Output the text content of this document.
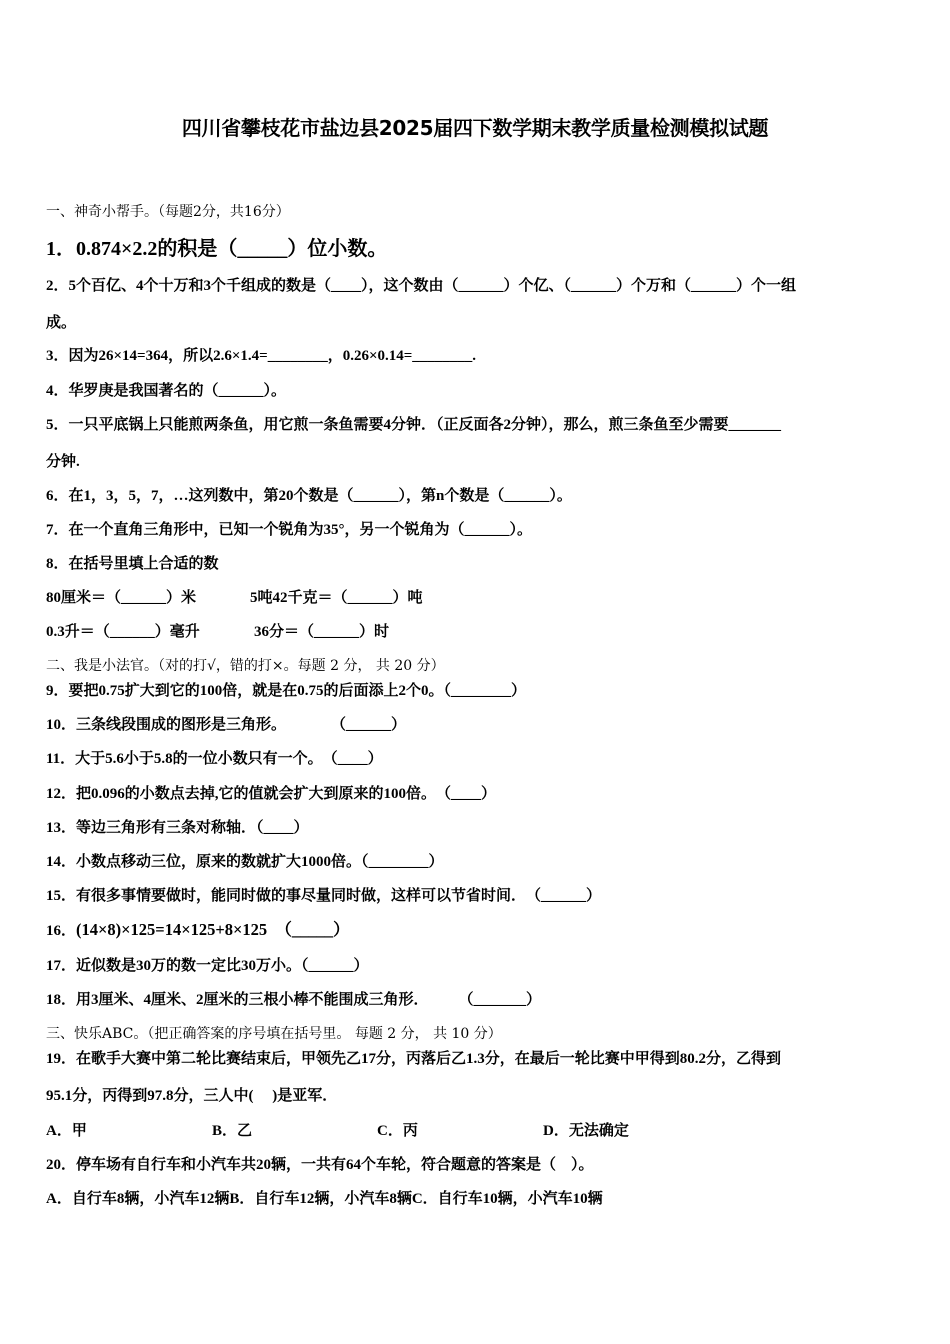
四川省攀枝花市盐边县2025届四下数学期末教学质量检测模拟试题
一、神奇小帮手。（每题2分，共16分）
1．0.874×2.2的积是（_____）位小数。
2．5个百亿、4个十万和3个千组成的数是（____），这个数由（______）个亿、（______）个万和（______）个一组
成。
3．因为26×14=364，所以2.6×1.4=________，0.26×0.14=________.
4．华罗庚是我国著名的（______）。
5．一只平底锅上只能煎两条鱼，用它煎一条鱼需要4分钟．（正反面各2分钟），那么，煎三条鱼至少需要_______
分钟.
6．在1，3，5，7，…这列数中，第20个数是（______），第n个数是（______）。
7．在一个直角三角形中，已知一个锐角为35°，另一个锐角为（______）。
8．在括号里填上合适的数
80厘米＝（______）米	5吨42千克＝（______）吨
0.3升＝（______）毫升	36分＝（______）时
二、我是小法官。（对的打√，错的打×。每题 2 分， 共 20 分）
9．要把0.75扩大到它的100倍，就是在0.75的后面添上2个0。（________）
10．三条线段围成的图形是三角形。　　　　（______）
11．大于5.6小于5.8的一位小数只有一个。　（____）
12．把0.096的小数点去掉,它的值就会扩大到原来的100倍。　（____）
13．等边三角形有三条对称轴．（____）
14．小数点移动三位，原来的数就扩大1000倍。（________）
15．有很多事情要做时，能同时做的事尽量同时做，这样可以节省时间．　（______）
16．(14×8)×125=14×125+8×125　（_____）
17．近似数是30万的数一定比30万小。（______）
18．用3厘米、4厘米、2厘米的三根小棒不能围成三角形．　　　（_______）
三、快乐ABC。（把正确答案的序号填在括号里。 每题 2 分， 共 10 分）
19．在歌手大赛中第二轮比赛结束后，甲领先乙17分，丙落后乙1.3分，在最后一轮比赛中甲得到80.2分，乙得到
95.1分，丙得到97.8分，三人中(　 )是亚军．
A．甲	B．乙	C．丙	D．无法确定
20．停车场有自行车和小汽车共20辆，一共有64个车轮，符合题意的答案是（　）。
A．自行车8辆，小汽车12辆B．自行车12辆，小汽车8辆C．自行车10辆，小汽车10辆
